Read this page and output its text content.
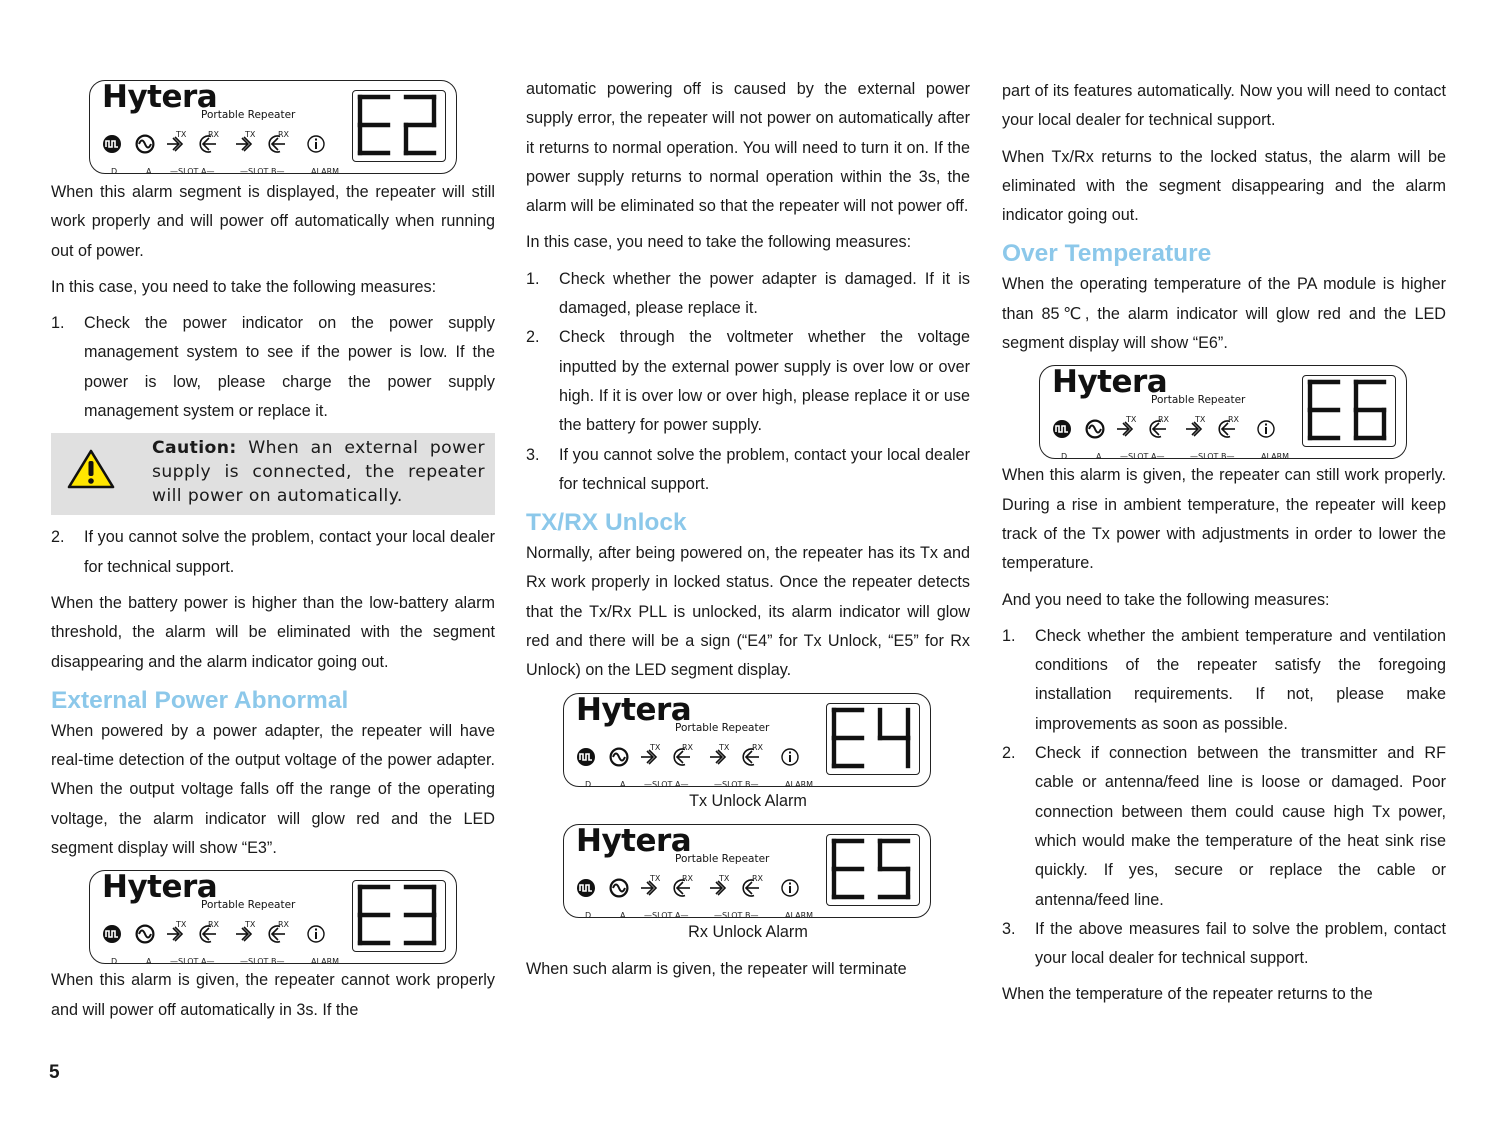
Hytera
Portable Repeater
TX	RX	TX	RX
D	A —SLOT A—	—SLOT B—	ALARM

When this alarm segment is displayed, the repeater will still work properly and will power off automatically when running out of power.

In this case, you need to take the following measures:

1. Check the power indicator on the power supply management system to see if the power is low. If the power is low, please charge the power supply management system or replace it.
Caution: When an external power supply is connected, the repeater will power on automatically.
2. If you cannot solve the problem, contact your local dealer for technical support.

When the battery power is higher than the low-battery alarm threshold, the alarm will be eliminated with the segment disappearing and the alarm indicator going out.

External Power Abnormal

When powered by a power adapter, the repeater will have real-time detection of the output voltage of the power adapter. When the output voltage falls off the range of the operating voltage, the alarm indicator will glow red and the LED segment display will show “E3”.

Hytera
Portable Repeater
TX	RX	TX	RX
D	A —SLOT A—	—SLOT B—	ALARM

When this alarm is given, the repeater cannot work properly and will power off automatically in 3s. If the

automatic powering off is caused by the external power supply error, the repeater will not power on automatically after it returns to normal operation. You will need to turn it on. If the power supply returns to normal operation within the 3s, the alarm will be eliminated so that the repeater will not power off.

In this case, you need to take the following measures:

1. Check whether the power adapter is damaged. If it is damaged, please replace it.
2. Check through the voltmeter whether the voltage inputted by the external power supply is over low or over high. If it is over low or over high, please replace it or use the battery for power supply.
3. If you cannot solve the problem, contact your local dealer for technical support.
TX/RX Unlock

Normally, after being powered on, the repeater has its Tx and Rx work properly in locked status. Once the repeater detects that the Tx/Rx PLL is unlocked, its alarm indicator will glow red and there will be a sign (“E4” for Tx Unlock, “E5” for Rx Unlock) on the LED segment display.

Hytera
Portable Repeater
TX	RX	TX	RX
D	A —SLOT A—	—SLOT B—	ALARM

Tx Unlock Alarm

Hytera
Portable Repeater
TX	RX	TX	RX
D	A —SLOT A—	—SLOT B—	ALARM

Rx Unlock Alarm

When such alarm is given, the repeater will terminate

part of its features automatically. Now you will need to contact your local dealer for technical support.

When Tx/Rx returns to the locked status, the alarm will be eliminated with the segment disappearing and the alarm indicator going out.

Over Temperature

When the operating temperature of the PA module is higher than 85℃, the alarm indicator will glow red and the LED segment display will show “E6”.

Hytera
Portable Repeater
TX	RX	TX	RX
D	A —SLOT A—	—SLOT B—	ALARM

When this alarm is given, the repeater can still work properly. During a rise in ambient temperature, the repeater will keep track of the Tx power with adjustments in order to lower the temperature.

And you need to take the following measures:

1. Check whether the ambient temperature and ventilation conditions of the repeater satisfy the foregoing installation requirements. If not, please make improvements as soon as possible.
2. Check if connection between the transmitter and RF cable or antenna/feed line is loose or damaged. Poor connection between them could cause high Tx power, which would make the temperature of the heat sink rise quickly. If yes, secure or replace the cable or antenna/feed line.
3. If the above measures fail to solve the problem, contact your local dealer for technical support.

When the temperature of the repeater returns to the

5
